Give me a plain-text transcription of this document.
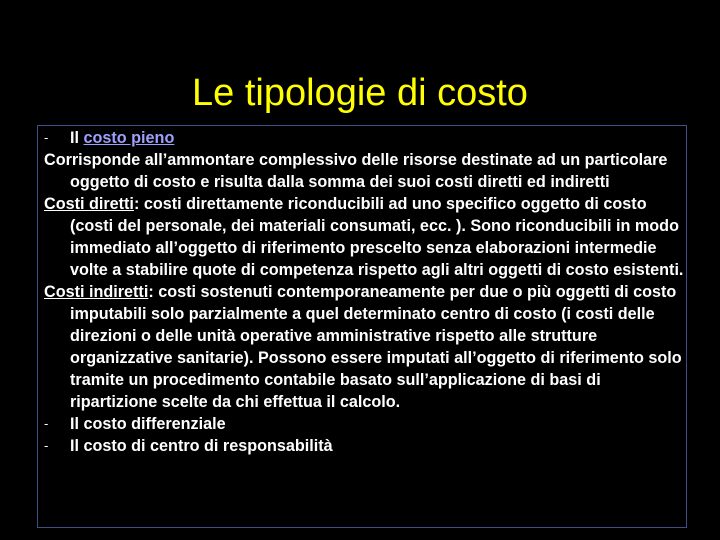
Le tipologie di costo

- Il costo pieno

Corrisponde all’ammontare complessivo delle risorse destinate ad un particolare oggetto di costo e risulta dalla somma dei suoi costi diretti ed indiretti

Costi diretti: costi direttamente riconducibili ad uno specifico oggetto di costo (costi del personale, dei materiali consumati, ecc. ). Sono riconducibili in modo immediato all’oggetto di riferimento prescelto senza elaborazioni intermedie volte a stabilire quote di competenza rispetto agli altri oggetti di costo esistenti.

Costi indiretti: costi sostenuti contemporaneamente per due o più oggetti di costo imputabili solo parzialmente a quel determinato centro di costo (i costi delle direzioni o delle unità operative amministrative rispetto alle strutture organizzative sanitarie). Possono essere imputati all’oggetto di riferimento solo tramite un procedimento contabile basato sull’applicazione di basi di ripartizione scelte da chi effettua il calcolo.

- Il costo differenziale

- Il costo di centro di responsabilità
